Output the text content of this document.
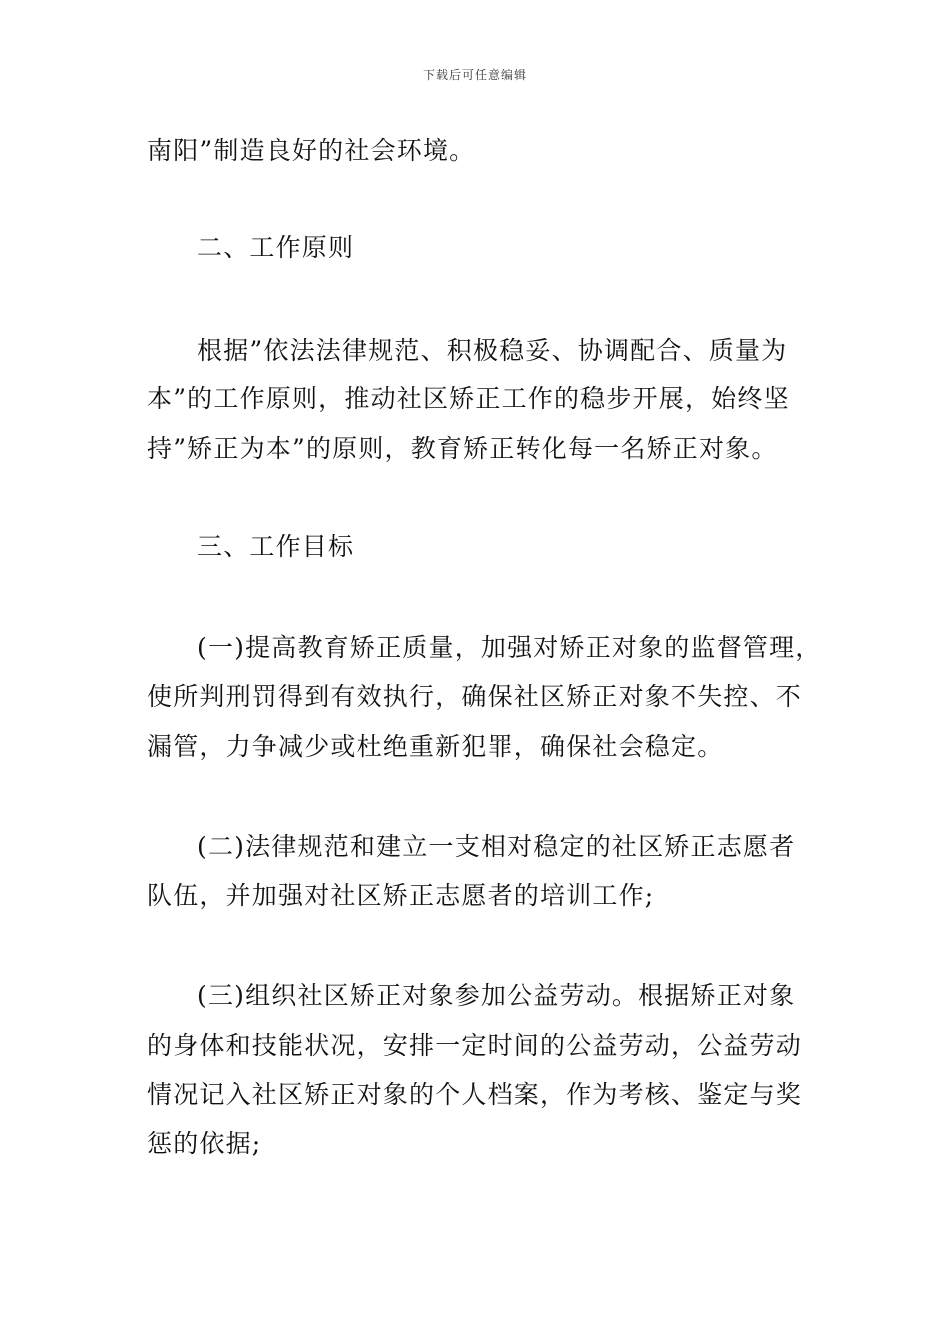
下载后可任意编辑
南阳”制造良好的社会环境。
二、工作原则
根据”依法法律规范、积极稳妥、协调配合、质量为
本”的工作原则，推动社区矫正工作的稳步开展，始终坚
持”矫正为本”的原则，教育矫正转化每一名矫正对象。
三、工作目标
(一)提高教育矫正质量，加强对矫正对象的监督管理，
使所判刑罚得到有效执行，确保社区矫正对象不失控、不
漏管，力争减少或杜绝重新犯罪，确保社会稳定。
(二)法律规范和建立一支相对稳定的社区矫正志愿者
队伍，并加强对社区矫正志愿者的培训工作;
(三)组织社区矫正对象参加公益劳动。根据矫正对象
的身体和技能状况，安排一定时间的公益劳动，公益劳动
情况记入社区矫正对象的个人档案，作为考核、鉴定与奖
惩的依据;
